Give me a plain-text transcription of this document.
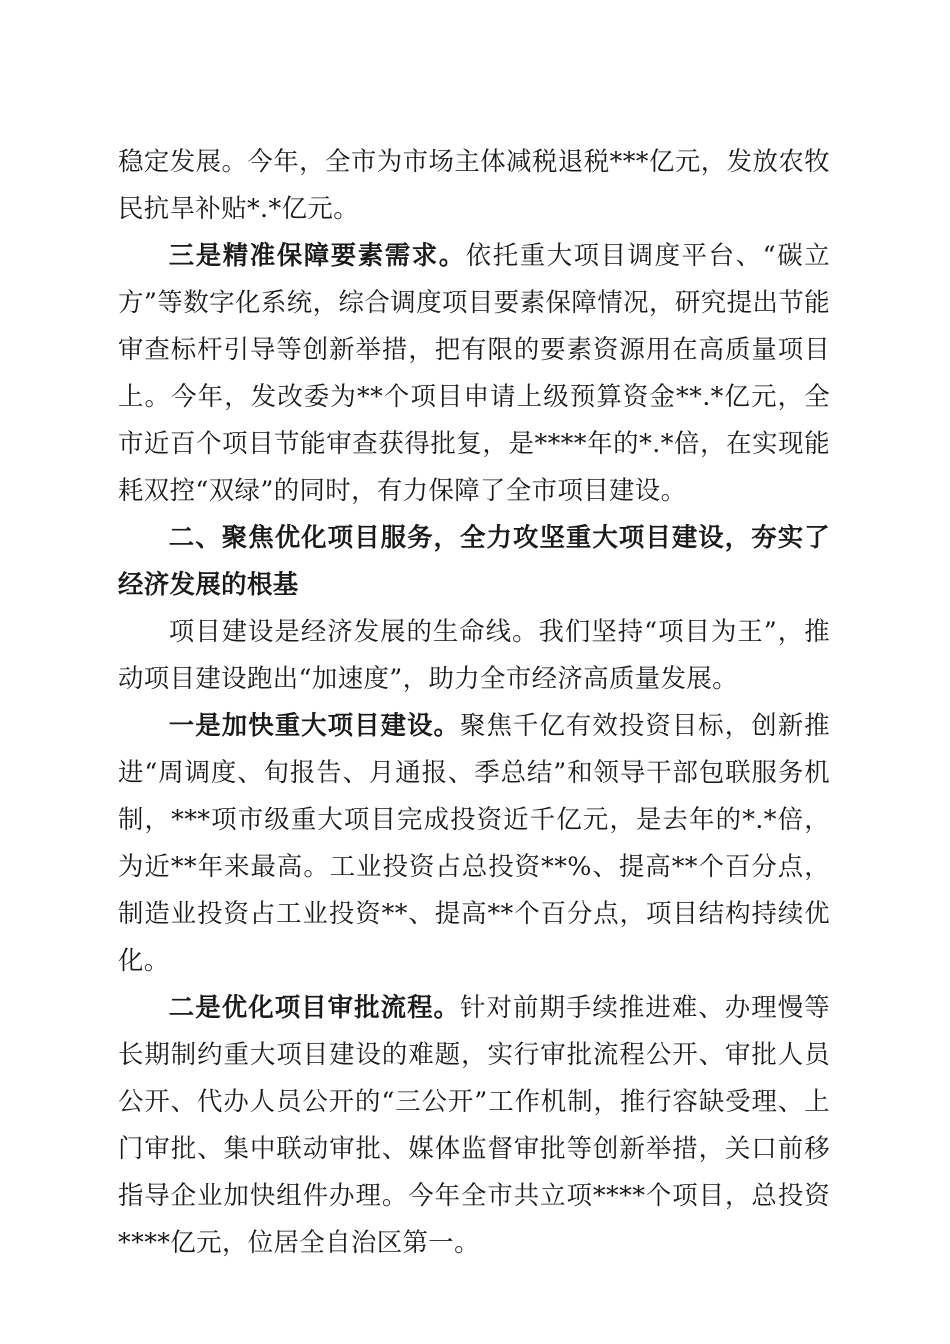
稳定发展。今年，全市为市场主体减税退税***亿元，发放农牧民抗旱补贴*.*亿元。

三是精准保障要素需求。依托重大项目调度平台、“碳立方”等数字化系统，综合调度项目要素保障情况，研究提出节能审查标杆引导等创新举措，把有限的要素资源用在高质量项目上。今年，发改委为**个项目申请上级预算资金**.*亿元，全市近百个项目节能审查获得批复，是****年的*.*倍，在实现能耗双控“双绿”的同时，有力保障了全市项目建设。

二、聚焦优化项目服务，全力攻坚重大项目建设，夯实了经济发展的根基

项目建设是经济发展的生命线。我们坚持“项目为王”，推动项目建设跑出“加速度”，助力全市经济高质量发展。

一是加快重大项目建设。聚焦千亿有效投资目标，创新推进“周调度、旬报告、月通报、季总结”和领导干部包联服务机制，***项市级重大项目完成投资近千亿元，是去年的*.*倍，为近**年来最高。工业投资占总投资**%、提高**个百分点，制造业投资占工业投资**、提高**个百分点，项目结构持续优化。

二是优化项目审批流程。针对前期手续推进难、办理慢等长期制约重大项目建设的难题，实行审批流程公开、审批人员公开、代办人员公开的“三公开”工作机制，推行容缺受理、上门审批、集中联动审批、媒体监督审批等创新举措，关口前移指导企业加快组件办理。今年全市共立项****个项目，总投资****亿元，位居全自治区第一。
